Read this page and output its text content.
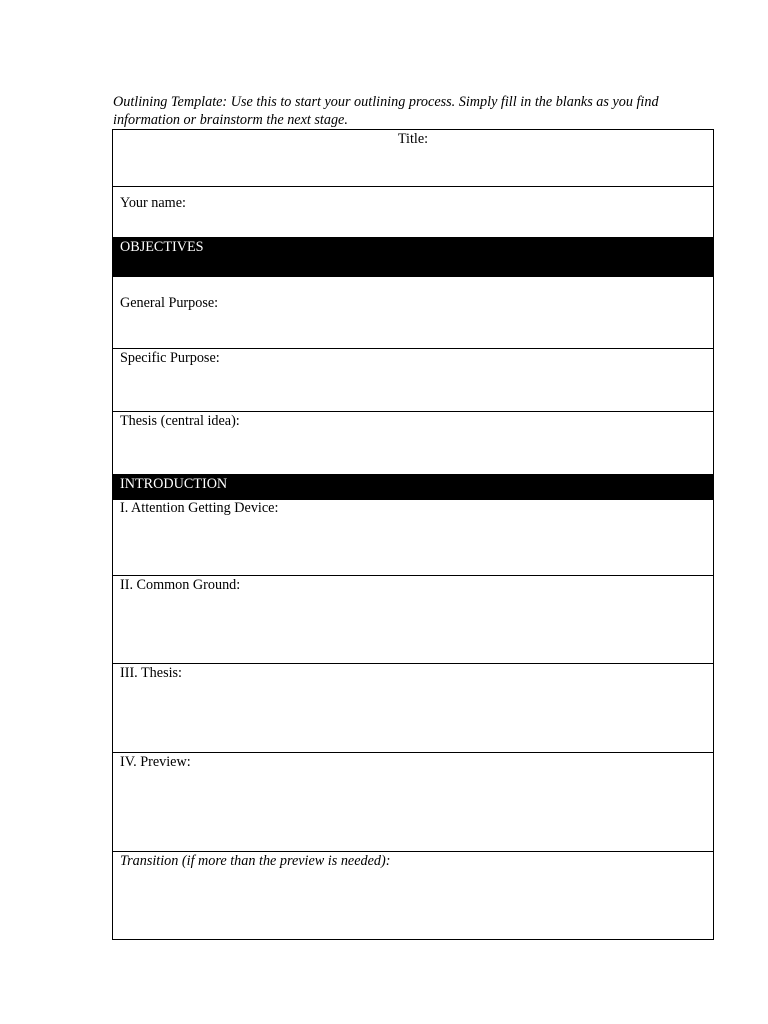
Outlining Template: Use this to start your outlining process. Simply fill in the blanks as you find information or brainstorm the next stage.
Title:
Your name:
OBJECTIVES
General Purpose:
Specific Purpose:
Thesis (central idea):
INTRODUCTION
I. Attention Getting Device:
II. Common Ground:
III. Thesis:
IV. Preview:
Transition (if more than the preview is needed):
